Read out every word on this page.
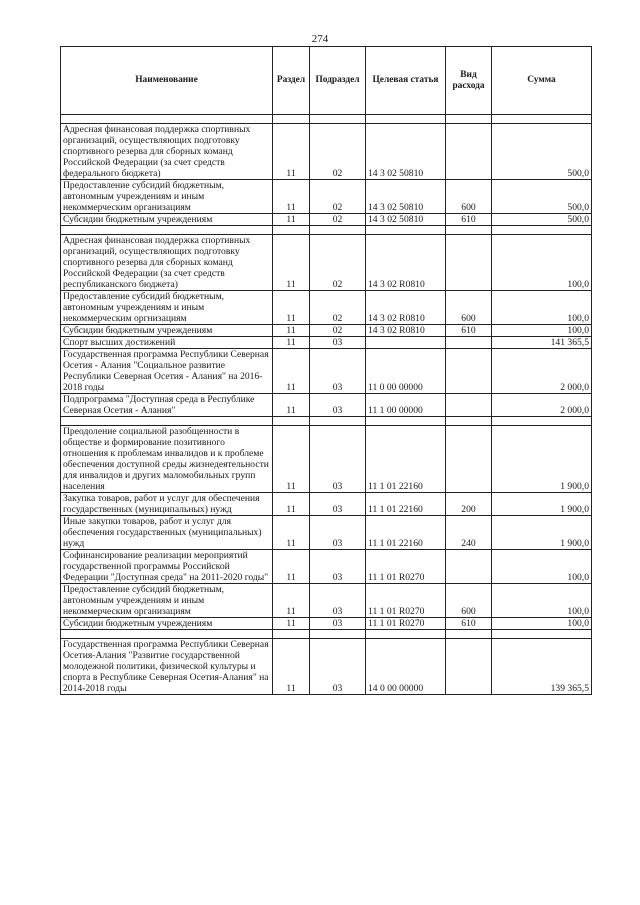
274
Наименование	Раздел	Подраздел	Целевая статья	Вид расхода	Сумма

Адресная финансовая поддержка спортивных организаций, осуществляющих подготовку спортивного резерва для сборных команд Российской Федерации (за счет средств федерального бюджета)	11	02	14 3 02 50810		500,0
Предоставление субсидий бюджетным, автономным учреждениям и иным некоммерческим организациям	11	02	14 3 02 50810	600	500,0
Субсидии бюджетным учреждениям	11	02	14 3 02 50810	610	500,0

Адресная финансовая поддержка спортивных организаций, осуществляющих подготовку спортивного резерва для сборных команд Российской Федерации (за счет средств республиканского бюджета)	11	02	14 3 02 R0810		100,0
Предоставление субсидий бюджетным, автономным учреждениям и иным некоммерческим оргнизациям	11	02	14 3 02 R0810	600	100,0
Субсидии бюджетным учреждениям	11	02	14 3 02 R0810	610	100,0
Спорт высших достижений	11	03			141 365,5
Государственная программа Республики Северная Осетия - Алания "Социальное развитие Республики Северная Осетия - Алания" на 2016-2018 годы	11	03	11 0 00 00000		2 000,0
Подпрограмма "Доступная среда в Республике Северная Осетия - Алания"	11	03	11 1 00 00000		2 000,0

Преодоление социальной разобщенности в обществе и формирование позитивного отношения к проблемам инвалидов и к проблеме обеспечения доступной среды жизнедеятельности для инвалидов и других маломобильных групп населения	11	03	11 1 01 22160		1 900,0
Закупка товаров, работ и услуг для обеспечения государственных (муниципальных) нужд	11	03	11 1 01 22160	200	1 900,0
Иные закупки товаров, работ и услуг для обеспечения государственных (муниципальных) нужд	11	03	11 1 01 22160	240	1 900,0
Софинансирование реализации мероприятий государственной программы Российской Федерации "Доступная среда" на 2011-2020 годы"	11	03	11 1 01 R0270		100,0
Предоставление субсидий бюджетным, автономным учреждениям и иным некоммерческим организациям	11	03	11 1 01 R0270	600	100,0
Субсидии бюджетным учреждениям	11	03	11 1 01 R0270	610	100,0

Государственная программа Республики Северная Осетия-Алания "Развитие государственной молодежной политики, физической культуры и спорта в Республике Северная Осетия-Алания" на 2014-2018 годы	11	03	14 0 00 00000		139 365,5
